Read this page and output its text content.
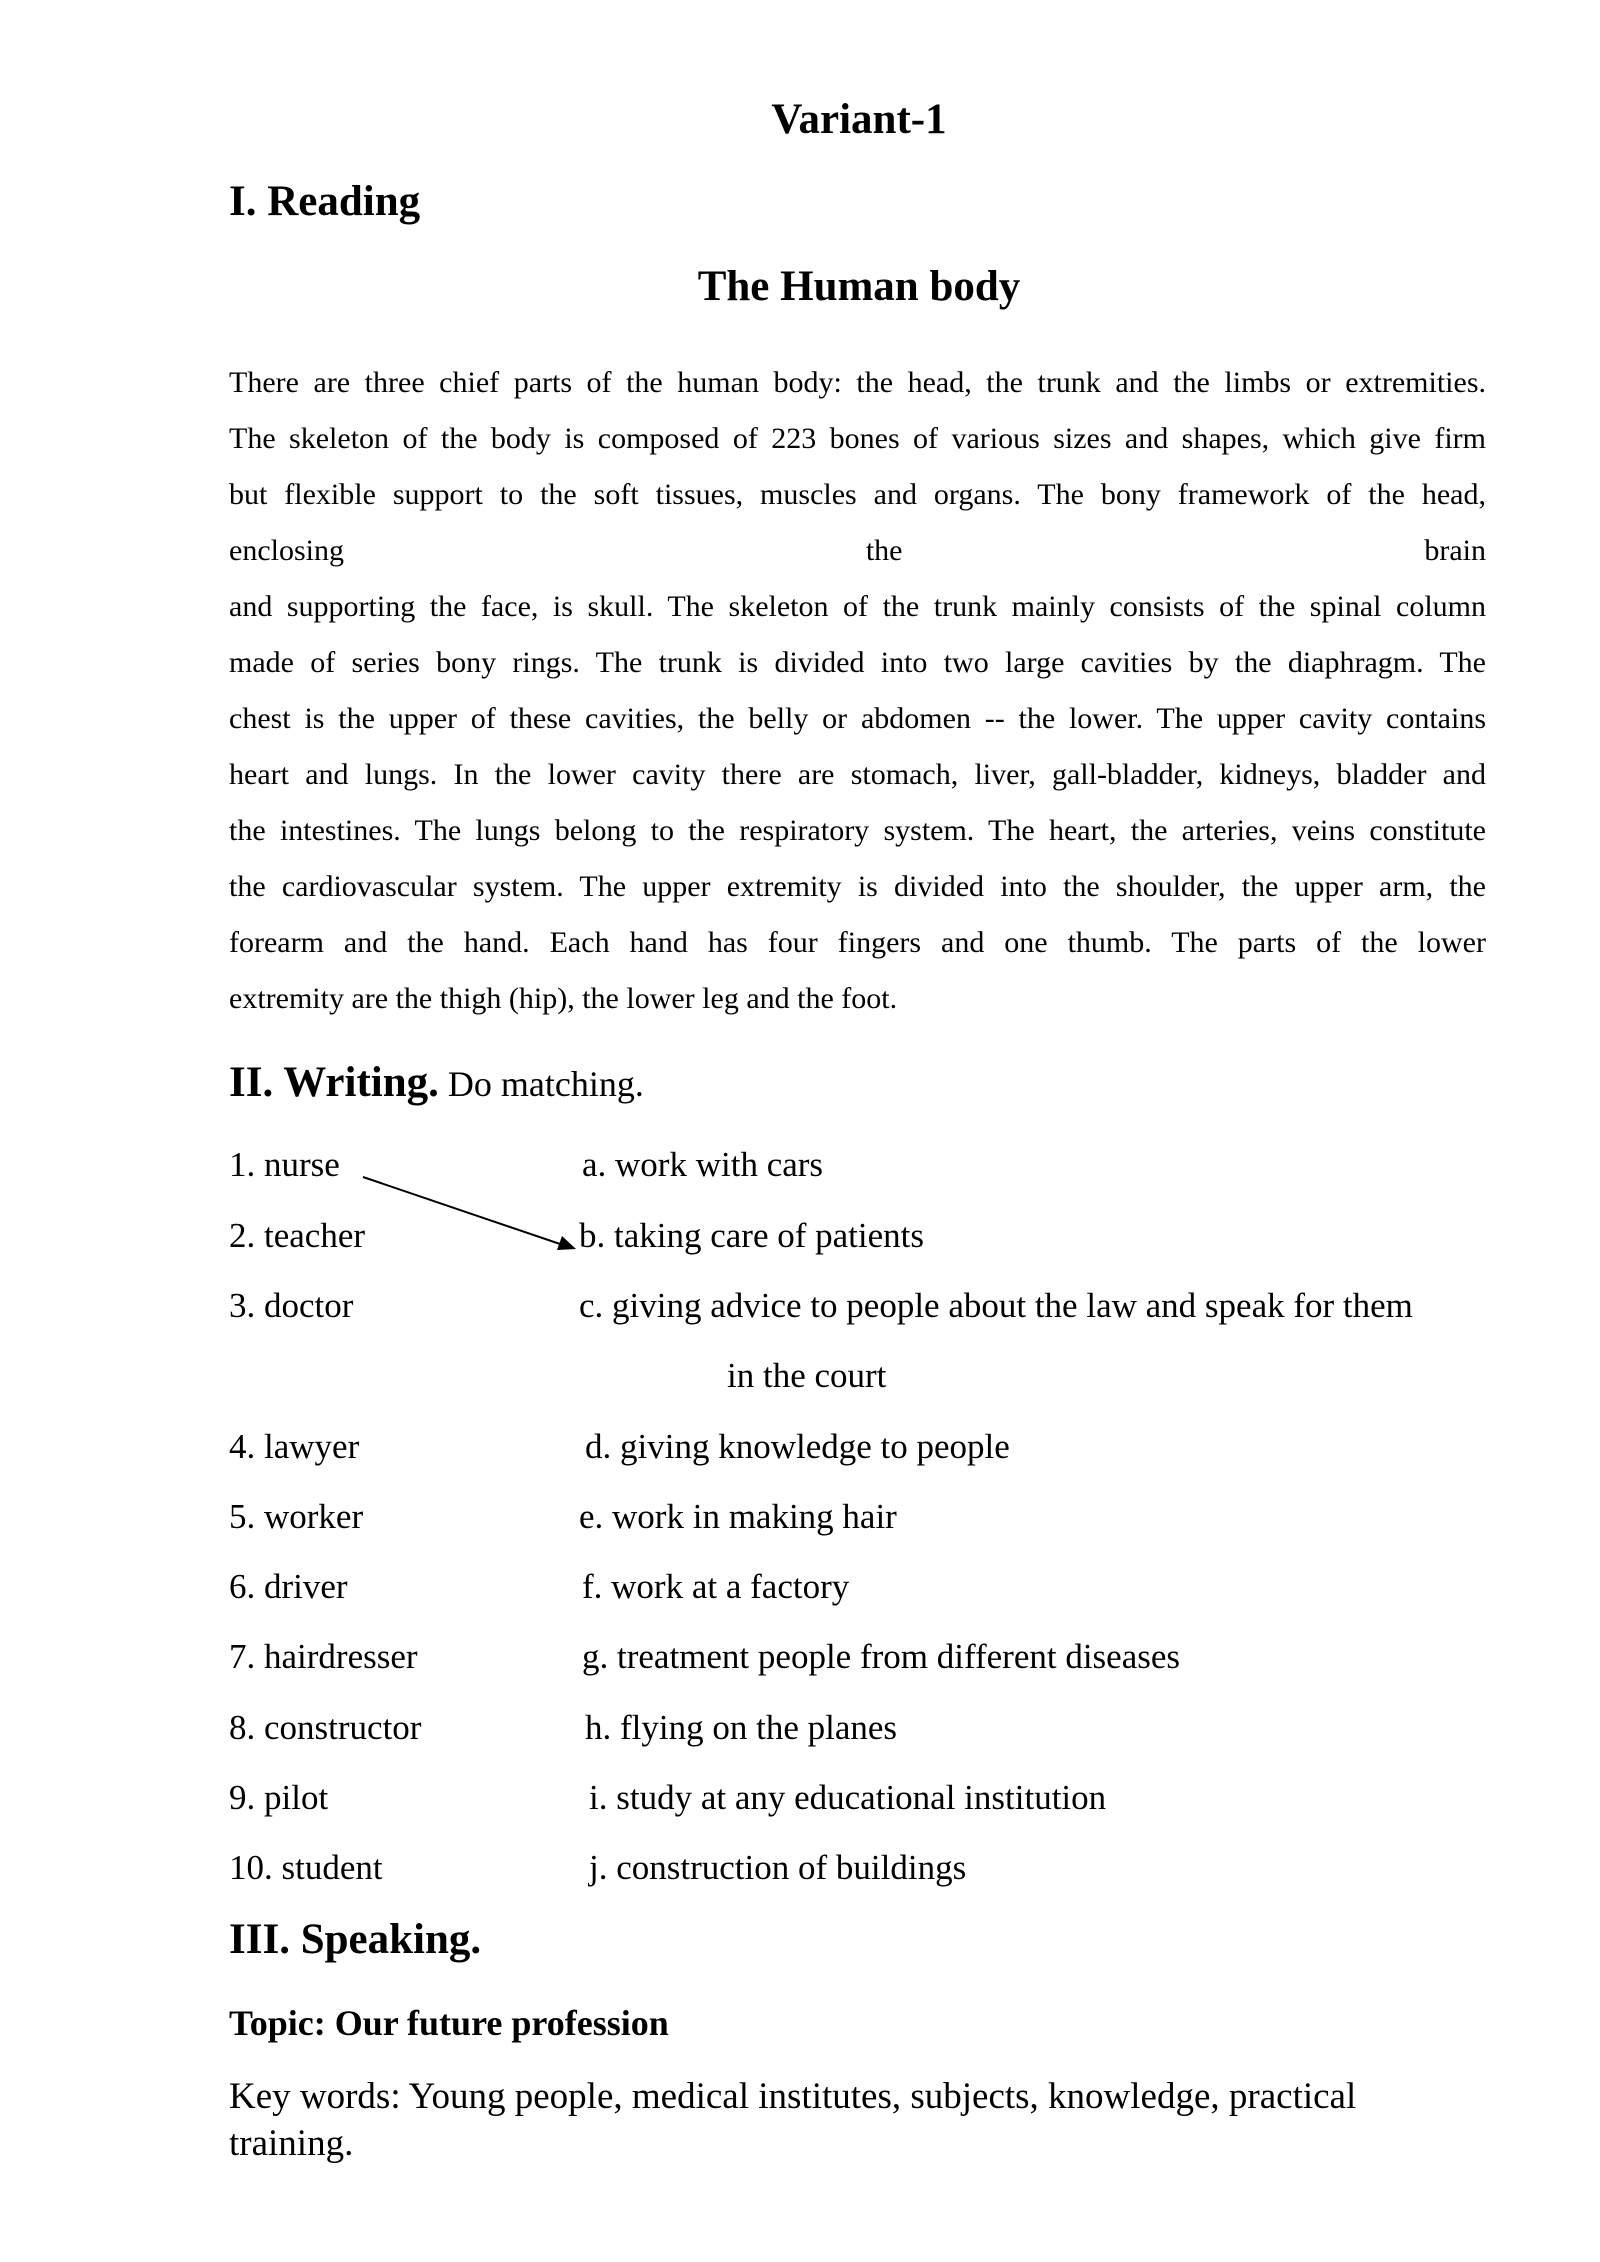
Variant-1
I. Reading
The Human body
There are three chief parts of the human body: the head, the trunk and the limbs or extremities.
The skeleton of the body is composed of 223 bones of various sizes and shapes, which give firm
but flexible support to the soft tissues, muscles and organs. The bony framework of the head,
enclosing the brain
and supporting the face, is skull. The skeleton of the trunk mainly consists of the spinal column
made of series bony rings. The trunk is divided into two large cavities by the diaphragm. The
chest is the upper of these cavities, the belly or abdomen -- the lower. The upper cavity contains
heart and lungs. In the lower cavity there are stomach, liver, gall-bladder, kidneys, bladder and
the intestines. The lungs belong to the respiratory system. The heart, the arteries, veins constitute
the cardiovascular system. The upper extremity is divided into the shoulder, the upper arm, the
forearm and the hand. Each hand has four fingers and one thumb. The parts of the lower
extremity are the thigh (hip), the lower leg and the foot.
II. Writing. Do matching.
1. nurse
2. teacher
3. doctor
4. lawyer
5. worker
6. driver
7. hairdresser
8. constructor
9. pilot
10. student
a. work with cars
b. taking care of patients
c. giving advice to people about the law and speak for them
in the court
d. giving knowledge to people
e. work in making hair
f. work at a factory
g. treatment people from different diseases
h. flying on the planes
i. study at any educational institution
j. construction of buildings
III. Speaking.
Topic: Our future profession
Key words: Young people, medical institutes, subjects, knowledge, practical training.
